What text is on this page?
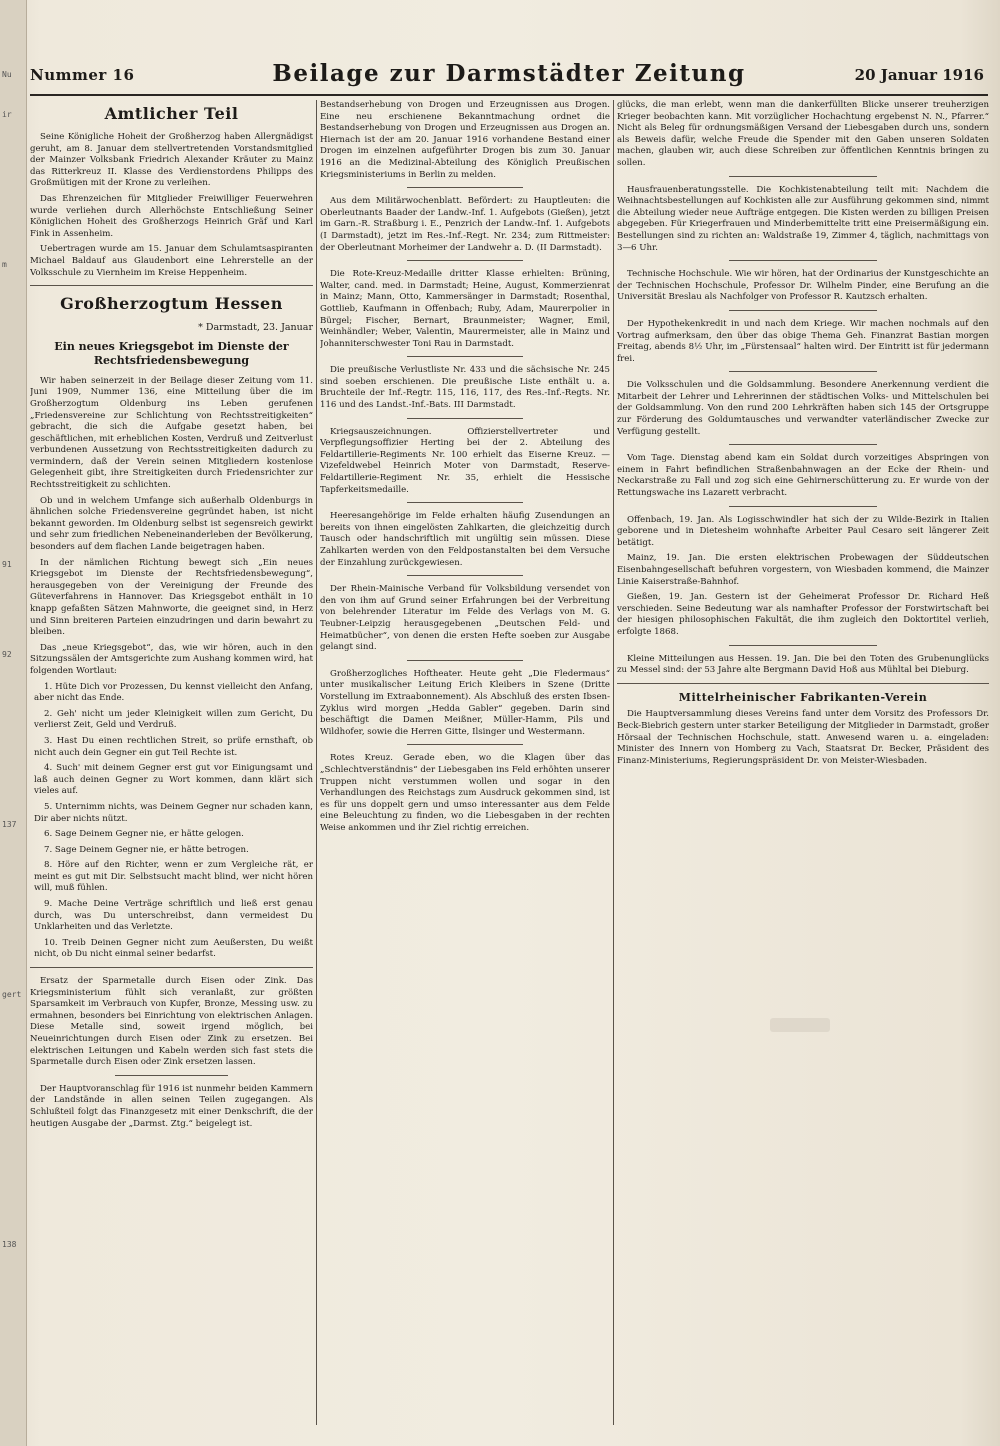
Nu
ir
m
91
92
137
gert
138
Nummer 16	Beilage zur Darmstädter Zeitung	20 Januar 1916
Amtlicher Teil

Seine Königliche Hoheit der Großherzog haben Allergnädigst geruht, am 8. Januar dem stellvertretenden Vorstandsmitglied der Mainzer Volksbank Friedrich Alexander Kräuter zu Mainz das Ritterkreuz II. Klasse des Verdienstordens Philipps des Großmütigen mit der Krone zu verleihen.

Das Ehrenzeichen für Mitglieder Freiwilliger Feuerwehren wurde verliehen durch Allerhöchste Entschließung Seiner Königlichen Hoheit des Großherzogs Heinrich Gräf und Karl Fink in Assenheim.

Uebertragen wurde am 15. Januar dem Schulamtsaspiranten Michael Baldauf aus Glaudenbort eine Lehrerstelle an der Volksschule zu Viernheim im Kreise Heppenheim.

Großherzogtum Hessen
* Darmstadt, 23. Januar
Ein neues Kriegsgebot im Dienste der Rechtsfriedensbewegung

Wir haben seinerzeit in der Beilage dieser Zeitung vom 11. Juni 1909, Nummer 136, eine Mitteilung über die im Großherzogtum Oldenburg ins Leben gerufenen „Friedensvereine zur Schlichtung von Rechtsstreitigkeiten“ gebracht, die sich die Aufgabe gesetzt haben, bei geschäftlichen, mit erheblichen Kosten, Verdruß und Zeitverlust verbundenen Aussetzung von Rechtsstreitigkeiten dadurch zu vermindern, daß der Verein seinen Mitgliedern kostenlose Gelegenheit gibt, ihre Streitigkeiten durch Friedensrichter zur Rechtsstreitigkeit zu schlichten.

Ob und in welchem Umfange sich außerhalb Oldenburgs in ähnlichen solche Friedensvereine gegründet haben, ist nicht bekannt geworden. Im Oldenburg selbst ist segensreich gewirkt und sehr zum friedlichen Nebeneinanderleben der Bevölkerung, besonders auf dem flachen Lande beigetragen haben.

In der nämlichen Richtung bewegt sich „Ein neues Kriegsgebot im Dienste der Rechtsfriedensbewegung“, herausgegeben von der Vereinigung der Freunde des Güteverfahrens in Hannover. Das Kriegsgebot enthält in 10 knapp gefaßten Sätzen Mahnworte, die geeignet sind, in Herz und Sinn breiteren Parteien einzudringen und darin bewahrt zu bleiben.

Das „neue Kriegsgebot“, das, wie wir hören, auch in den Sitzungssälen der Amtsgerichte zum Aushang kommen wird, hat folgenden Wortlaut:

1. Hüte Dich vor Prozessen, Du kennst vielleicht den Anfang, aber nicht das Ende.

2. Geh' nicht um jeder Kleinigkeit willen zum Gericht, Du verlierst Zeit, Geld und Verdruß.

3. Hast Du einen rechtlichen Streit, so prüfe ernsthaft, ob nicht auch dein Gegner ein gut Teil Rechte ist.

4. Such' mit deinem Gegner erst gut vor Einigungsamt und laß auch deinen Gegner zu Wort kommen, dann klärt sich vieles auf.

5. Unternimm nichts, was Deinem Gegner nur schaden kann, Dir aber nichts nützt.

6. Sage Deinem Gegner nie, er hätte gelogen.

7. Sage Deinem Gegner nie, er hätte betrogen.

8. Höre auf den Richter, wenn er zum Vergleiche rät, er meint es gut mit Dir. Selbstsucht macht blind, wer nicht hören will, muß fühlen.

9. Mache Deine Verträge schriftlich und ließ erst genau durch, was Du unterschreibst, dann vermeidest Du Unklarheiten und das Verletzte.

10. Treib Deinen Gegner nicht zum Aeußersten, Du weißt nicht, ob Du nicht einmal seiner bedarfst.

Ersatz der Sparmetalle durch Eisen oder Zink. Das Kriegsministerium fühlt sich veranlaßt, zur größten Sparsamkeit im Verbrauch von Kupfer, Bronze, Messing usw. zu ermahnen, besonders bei Einrichtung von elektrischen Anlagen. Diese Metalle sind, soweit irgend möglich, bei Neueinrichtungen durch Eisen oder Zink zu ersetzen. Bei elektrischen Leitungen und Kabeln werden sich fast stets die Sparmetalle durch Eisen oder Zink ersetzen lassen.

Der Hauptvoranschlag für 1916 ist nunmehr beiden Kammern der Landstände in allen seinen Teilen zugegangen. Als Schlußteil folgt das Finanzgesetz mit einer Denkschrift, die der heutigen Ausgabe der „Darmst. Ztg.“ beigelegt ist.

Bestandserhebung von Drogen und Erzeugnissen aus Drogen. Eine neu erschienene Bekanntmachung ordnet die Bestandserhebung von Drogen und Erzeugnissen aus Drogen an. Hiernach ist der am 20. Januar 1916 vorhandene Bestand einer Drogen im einzelnen aufgeführter Drogen bis zum 30. Januar 1916 an die Medizinal-Abteilung des Königlich Preußischen Kriegsministeriums in Berlin zu melden.

Aus dem Militärwochenblatt. Befördert: zu Hauptleuten: die Oberleutnants Baader der Landw.-Inf. 1. Aufgebots (Gießen), jetzt im Garn.-R. Straßburg i. E., Penzrich der Landw.-Inf. 1. Aufgebots (I Darmstadt), jetzt im Res.-Inf.-Regt. Nr. 234; zum Rittmeister: der Oberleutnant Morheimer der Landwehr a. D. (II Darmstadt).

Die Rote-Kreuz-Medaille dritter Klasse erhielten: Brüning, Walter, cand. med. in Darmstadt; Heine, August, Kommerzienrat in Mainz; Mann, Otto, Kammersänger in Darmstadt; Rosenthal, Gottlieb, Kaufmann in Offenbach; Ruby, Adam, Maurerpolier in Bürgel; Fischer, Bernart, Braunmeister; Wagner, Emil, Weinhändler; Weber, Valentin, Maurermeister, alle in Mainz und Johanniterschwester Toni Rau in Darmstadt.

Die preußische Verlustliste Nr. 433 und die sächsische Nr. 245 sind soeben erschienen. Die preußische Liste enthält u. a. Bruchteile der Inf.-Regtr. 115, 116, 117, des Res.-Inf.-Regts. Nr. 116 und des Landst.-Inf.-Bats. III Darmstadt.

Kriegsauszeichnungen. Offizierstellvertreter und Verpflegungsoffizier Herting bei der 2. Abteilung des Feldartillerie-Regiments Nr. 100 erhielt das Eiserne Kreuz. — Vizefeldwebel Heinrich Moter von Darmstadt, Reserve-Feldartillerie-Regiment Nr. 35, erhielt die Hessische Tapferkeitsmedaille.

Heeresangehörige im Felde erhalten häufig Zusendungen an bereits von ihnen eingelösten Zahlkarten, die gleichzeitig durch Tausch oder handschriftlich mit ungültig sein müssen. Diese Zahlkarten werden von den Feldpostanstalten bei dem Versuche der Einzahlung zurückgewiesen.

Der Rhein-Mainische Verband für Volksbildung versendet von den von ihm auf Grund seiner Erfahrungen bei der Verbreitung von belehrender Literatur im Felde des Verlags von M. G. Teubner-Leipzig herausgegebenen „Deutschen Feld- und Heimatbücher“, von denen die ersten Hefte soeben zur Ausgabe gelangt sind.

Großherzogliches Hoftheater. Heute geht „Die Fledermaus“ unter musikalischer Leitung Erich Kleibers in Szene (Dritte Vorstellung im Extraabonnement). Als Abschluß des ersten Ibsen-Zyklus wird morgen „Hedda Gabler“ gegeben. Darin sind beschäftigt die Damen Meißner, Müller-Hamm, Pils und Wildhofer, sowie die Herren Gitte, Ilsinger und Westermann.

Rotes Kreuz. Gerade eben, wo die Klagen über das „Schlechtverständnis“ der Liebesgaben ins Feld erhöhten unserer Truppen nicht verstummen wollen und sogar in den Verhandlungen des Reichstags zum Ausdruck gekommen sind, ist es für uns doppelt gern und umso interessanter aus dem Felde eine Beleuchtung zu finden, wo die Liebesgaben in der rechten Weise ankommen und ihr Ziel richtig erreichen.

glücks, die man erlebt, wenn man die dankerfüllten Blicke unserer treuherzigen Krieger beobachten kann. Mit vorzüglicher Hochachtung ergebenst N. N., Pfarrer.“ Nicht als Beleg für ordnungsmäßigen Versand der Liebesgaben durch uns, sondern als Beweis dafür, welche Freude die Spender mit den Gaben unseren Soldaten machen, glauben wir, auch diese Schreiben zur öffentlichen Kenntnis bringen zu sollen.

Hausfrauenberatungsstelle. Die Kochkistenabteilung teilt mit: Nachdem die Weihnachtsbestellungen auf Kochkisten alle zur Ausführung gekommen sind, nimmt die Abteilung wieder neue Aufträge entgegen. Die Kisten werden zu billigen Preisen abgegeben. Für Kriegerfrauen und Minderbemittelte tritt eine Preisermäßigung ein. Bestellungen sind zu richten an: Waldstraße 19, Zimmer 4, täglich, nachmittags von 3—6 Uhr.

Technische Hochschule. Wie wir hören, hat der Ordinarius der Kunstgeschichte an der Technischen Hochschule, Professor Dr. Wilhelm Pinder, eine Berufung an die Universität Breslau als Nachfolger von Professor R. Kautzsch erhalten.

Der Hypothekenkredit in und nach dem Kriege. Wir machen nochmals auf den Vortrag aufmerksam, den über das obige Thema Geh. Finanzrat Bastian morgen Freitag, abends 8½ Uhr, im „Fürstensaal“ halten wird. Der Eintritt ist für jedermann frei.

Die Volksschulen und die Goldsammlung. Besondere Anerkennung verdient die Mitarbeit der Lehrer und Lehrerinnen der städtischen Volks- und Mittelschulen bei der Goldsammlung. Von den rund 200 Lehrkräften haben sich 145 der Ortsgruppe zur Förderung des Goldumtausches und verwandter vaterländischer Zwecke zur Verfügung gestellt.

Vom Tage. Dienstag abend kam ein Soldat durch vorzeitiges Abspringen von einem in Fahrt befindlichen Straßenbahnwagen an der Ecke der Rhein- und Neckarstraße zu Fall und zog sich eine Gehirnerschütterung zu. Er wurde von der Rettungswache ins Lazarett verbracht.

Offenbach, 19. Jan. Als Logisschwindler hat sich der zu Wilde-Bezirk in Italien geborene und in Dietesheim wohnhafte Arbeiter Paul Cesaro seit längerer Zeit betätigt.

Mainz, 19. Jan. Die ersten elektrischen Probewagen der Süddeutschen Eisenbahngesellschaft befuhren vorgestern, von Wiesbaden kommend, die Mainzer Linie Kaiserstraße-Bahnhof.

Gießen, 19. Jan. Gestern ist der Geheimerat Professor Dr. Richard Heß verschieden. Seine Bedeutung war als namhafter Professor der Forstwirtschaft bei der hiesigen philosophischen Fakultät, die ihm zugleich den Doktortitel verlieh, erfolgte 1868.

Kleine Mitteilungen aus Hessen. 19. Jan. Die bei den Toten des Grubenunglücks zu Messel sind: der 53 Jahre alte Bergmann David Hoß aus Mühltal bei Dieburg.

Mittelrheinischer Fabrikanten-Verein

Die Hauptversammlung dieses Vereins fand unter dem Vorsitz des Professors Dr. Beck-Biebrich gestern unter starker Beteiligung der Mitglieder in Darmstadt, großer Hörsaal der Technischen Hochschule, statt. Anwesend waren u. a. eingeladen: Minister des Innern von Homberg zu Vach, Staatsrat Dr. Becker, Präsident des Finanz-Ministeriums, Regierungspräsident Dr. von Meister-Wiesbaden.
